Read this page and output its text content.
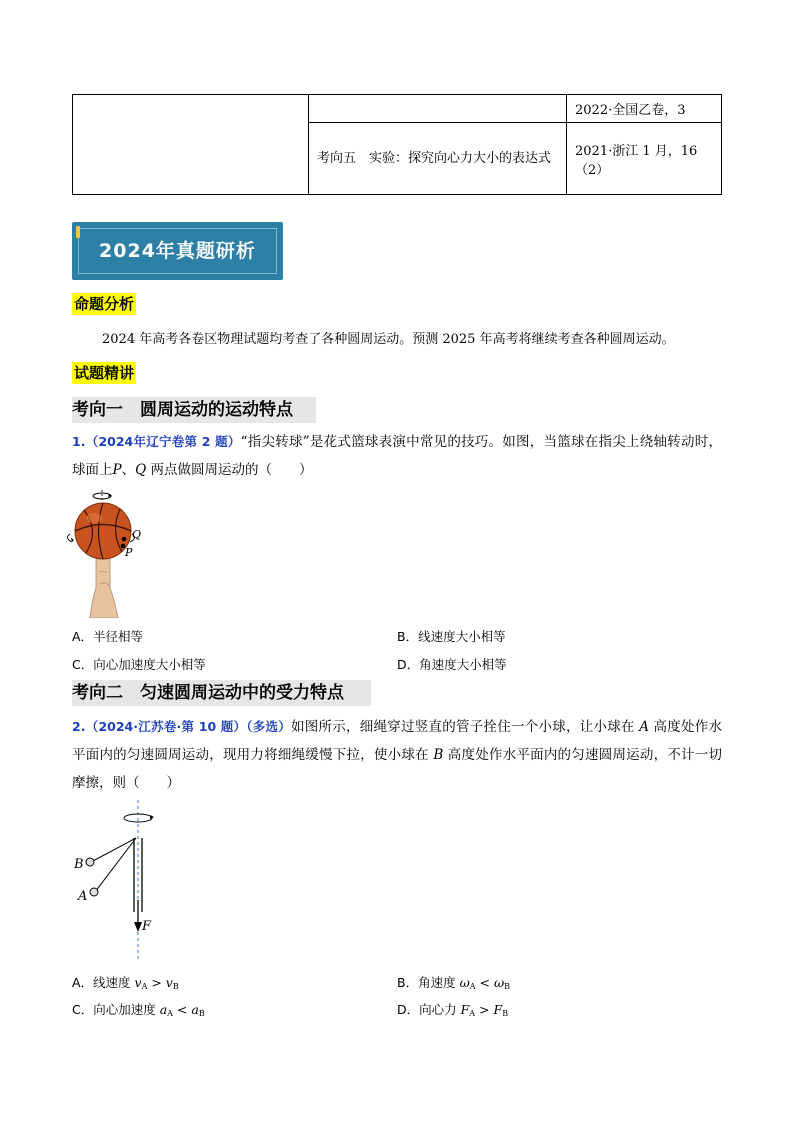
		2022·全国乙卷，3
	考向五　实验：探究向心力大小的表达式	2021·浙江 1 月，16（2）
2024年真题研析
命题分析
2024 年高考各卷区物理试题均考查了各种圆周运动。预测 2025 年高考将继续考查各种圆周运动。
试题精讲
考向一　圆周运动的运动特点
1.（2024年辽宁卷第 2 题）“指尖转球”是花式篮球表演中常见的技巧。如图，当篮球在指尖上绕轴转动时，球面上P、Q 两点做圆周运动的（　　）
Q
P
A．半径相等	B．线速度大小相等
C．向心加速度大小相等	D．角速度大小相等
考向二　匀速圆周运动中的受力特点
2.（2024·江苏卷·第 10 题）（多选）如图所示，细绳穿过竖直的管子拴住一个小球，让小球在 A 高度处作水平面内的匀速圆周运动，现用力将细绳缓慢下拉，使小球在 B 高度处作水平面内的匀速圆周运动，不计一切摩擦，则（　　）
B
A
F
A．线速度 $v_A > v_B$	B．角速度 $\omega_A < \omega_B$
C．向心加速度 $a_A < a_B$	D．向心力 $F_A > F_B$
